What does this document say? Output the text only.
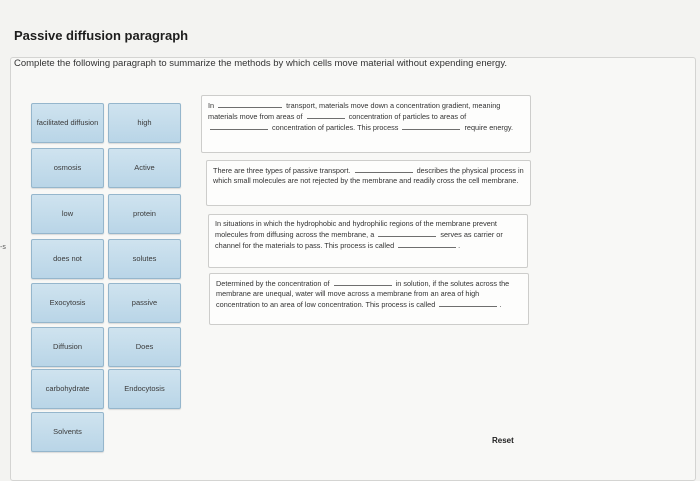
Passive diffusion paragraph
Complete the following paragraph to summarize the methods by which cells move material without expending energy.
-s
facilitated diffusion	high
osmosis	Active
low	protein
does not	solutes
Exocytosis	passive
Diffusion	Does
carbohydrate	Endocytosis
Solvents
In	transport, materials move down a concentration gradient, meaning materials move from areas of	concentration of particles to areas of  concentration of particles. This process	require energy.
There are three types of passive transport.	describes the physical process in which small molecules are not rejected by the membrane and readily cross the cell membrane.
In situations in which the hydrophobic and hydrophilic regions of the membrane prevent molecules from diffusing across the membrane, a	serves as carrier or channel for the materials to pass. This process is called	.
Determined by the concentration of	in solution, if the solutes across the membrane are unequal, water will move across a membrane from an area of high concentration to an area of low concentration. This process is called	.
Reset
